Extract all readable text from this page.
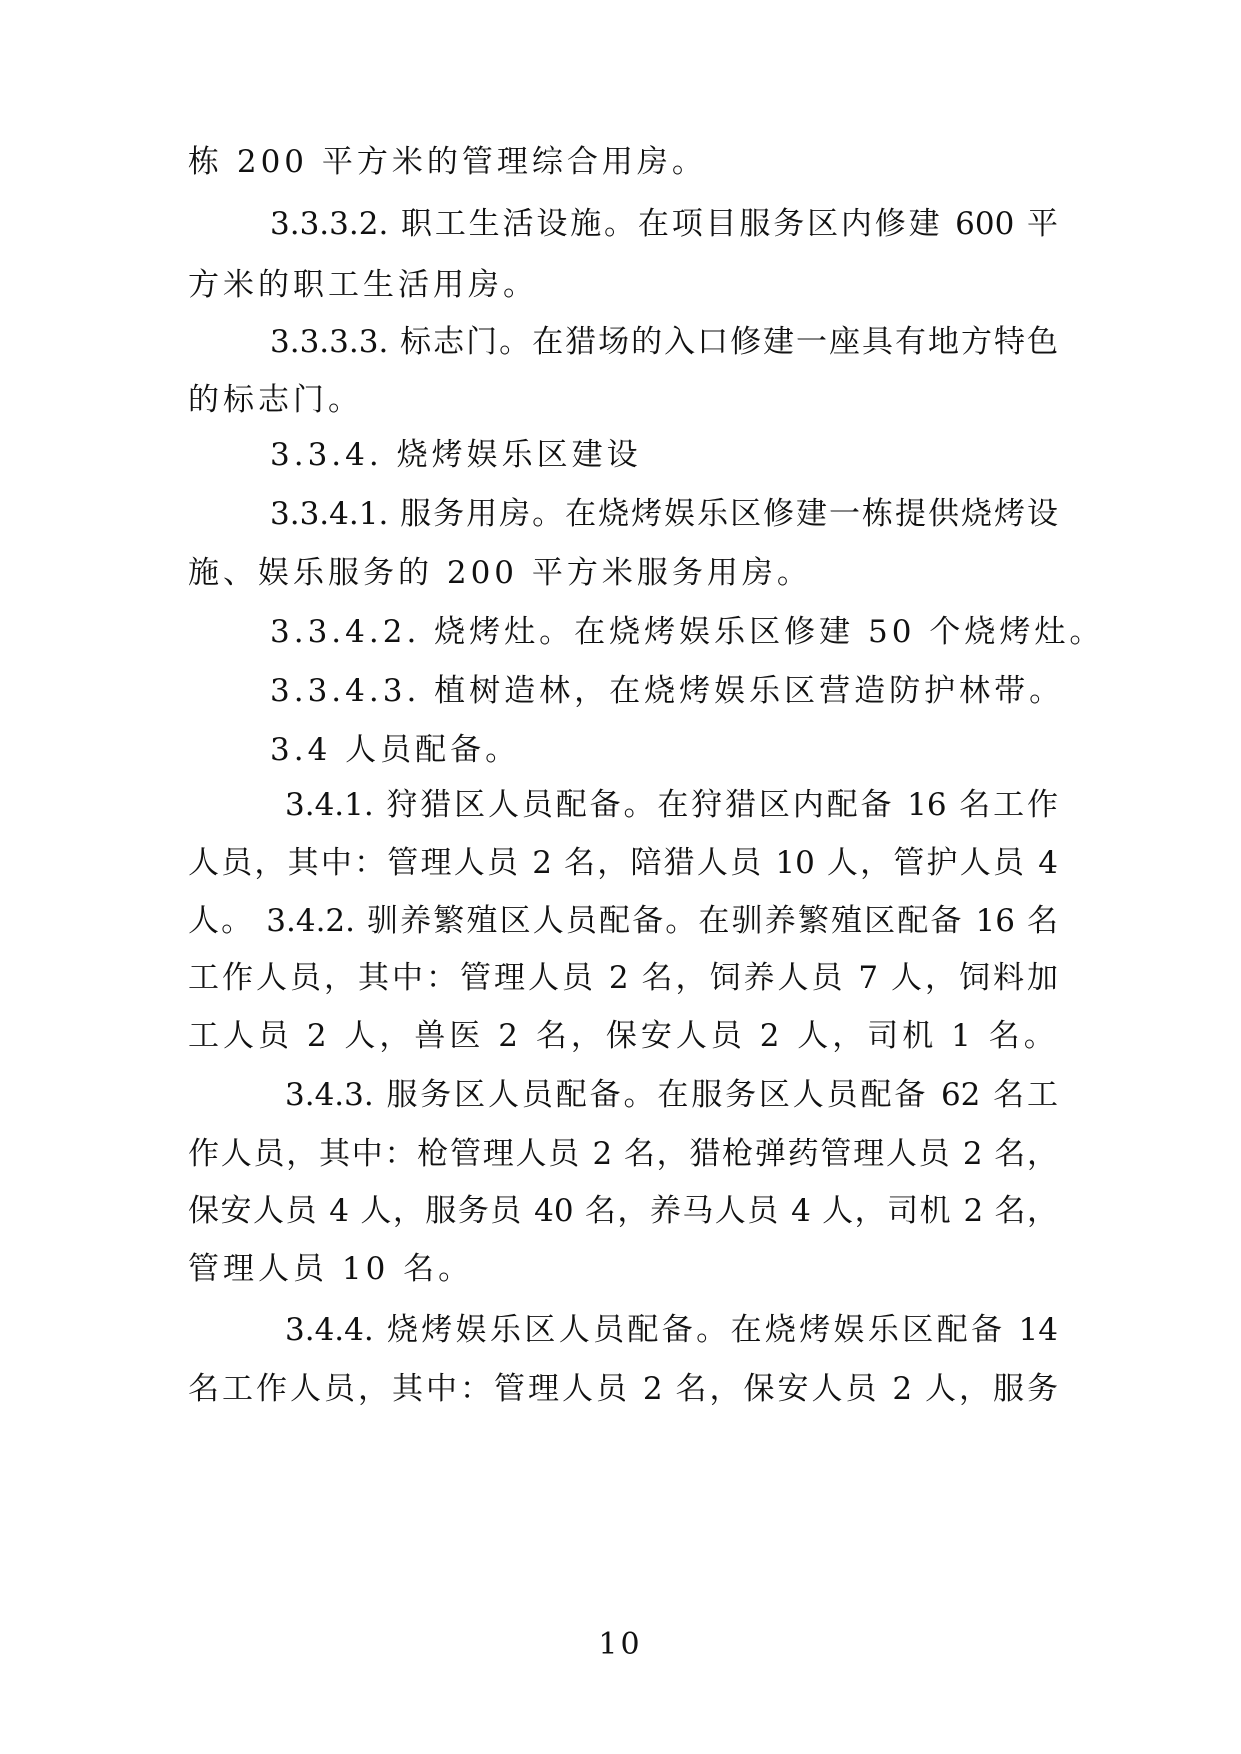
栋 200 平方米的管理综合用房。
3.3.3.2. 职工生活设施。在项目服务区内修建 600 平
方米的职工生活用房。
3.3.3.3. 标志门。在猎场的入口修建一座具有地方特色
的标志门。
3.3.4. 烧烤娱乐区建设
3.3.4.1. 服务用房。在烧烤娱乐区修建一栋提供烧烤设
施、娱乐服务的 200 平方米服务用房。
3.3.4.2. 烧烤灶。在烧烤娱乐区修建 50 个烧烤灶。
3.3.4.3. 植树造林，在烧烤娱乐区营造防护林带。
3.4 人员配备。
3.4.1. 狩猎区人员配备。在狩猎区内配备 16 名工作
人员，其中：管理人员 2 名，陪猎人员 10 人，管护人员 4
人。 3.4.2. 驯养繁殖区人员配备。在驯养繁殖区配备 16 名
工作人员，其中：管理人员 2 名，饲养人员 7 人，饲料加
工人员 2 人，兽医 2 名，保安人员 2 人，司机 1 名。
3.4.3. 服务区人员配备。在服务区人员配备 62 名工
作人员，其中：枪管理人员 2 名，猎枪弹药管理人员 2 名，
保安人员 4 人，服务员 40 名，养马人员 4 人，司机 2 名，
管理人员 10 名。
3.4.4. 烧烤娱乐区人员配备。在烧烤娱乐区配备 14
名工作人员，其中：管理人员 2 名，保安人员 2 人，服务
10
